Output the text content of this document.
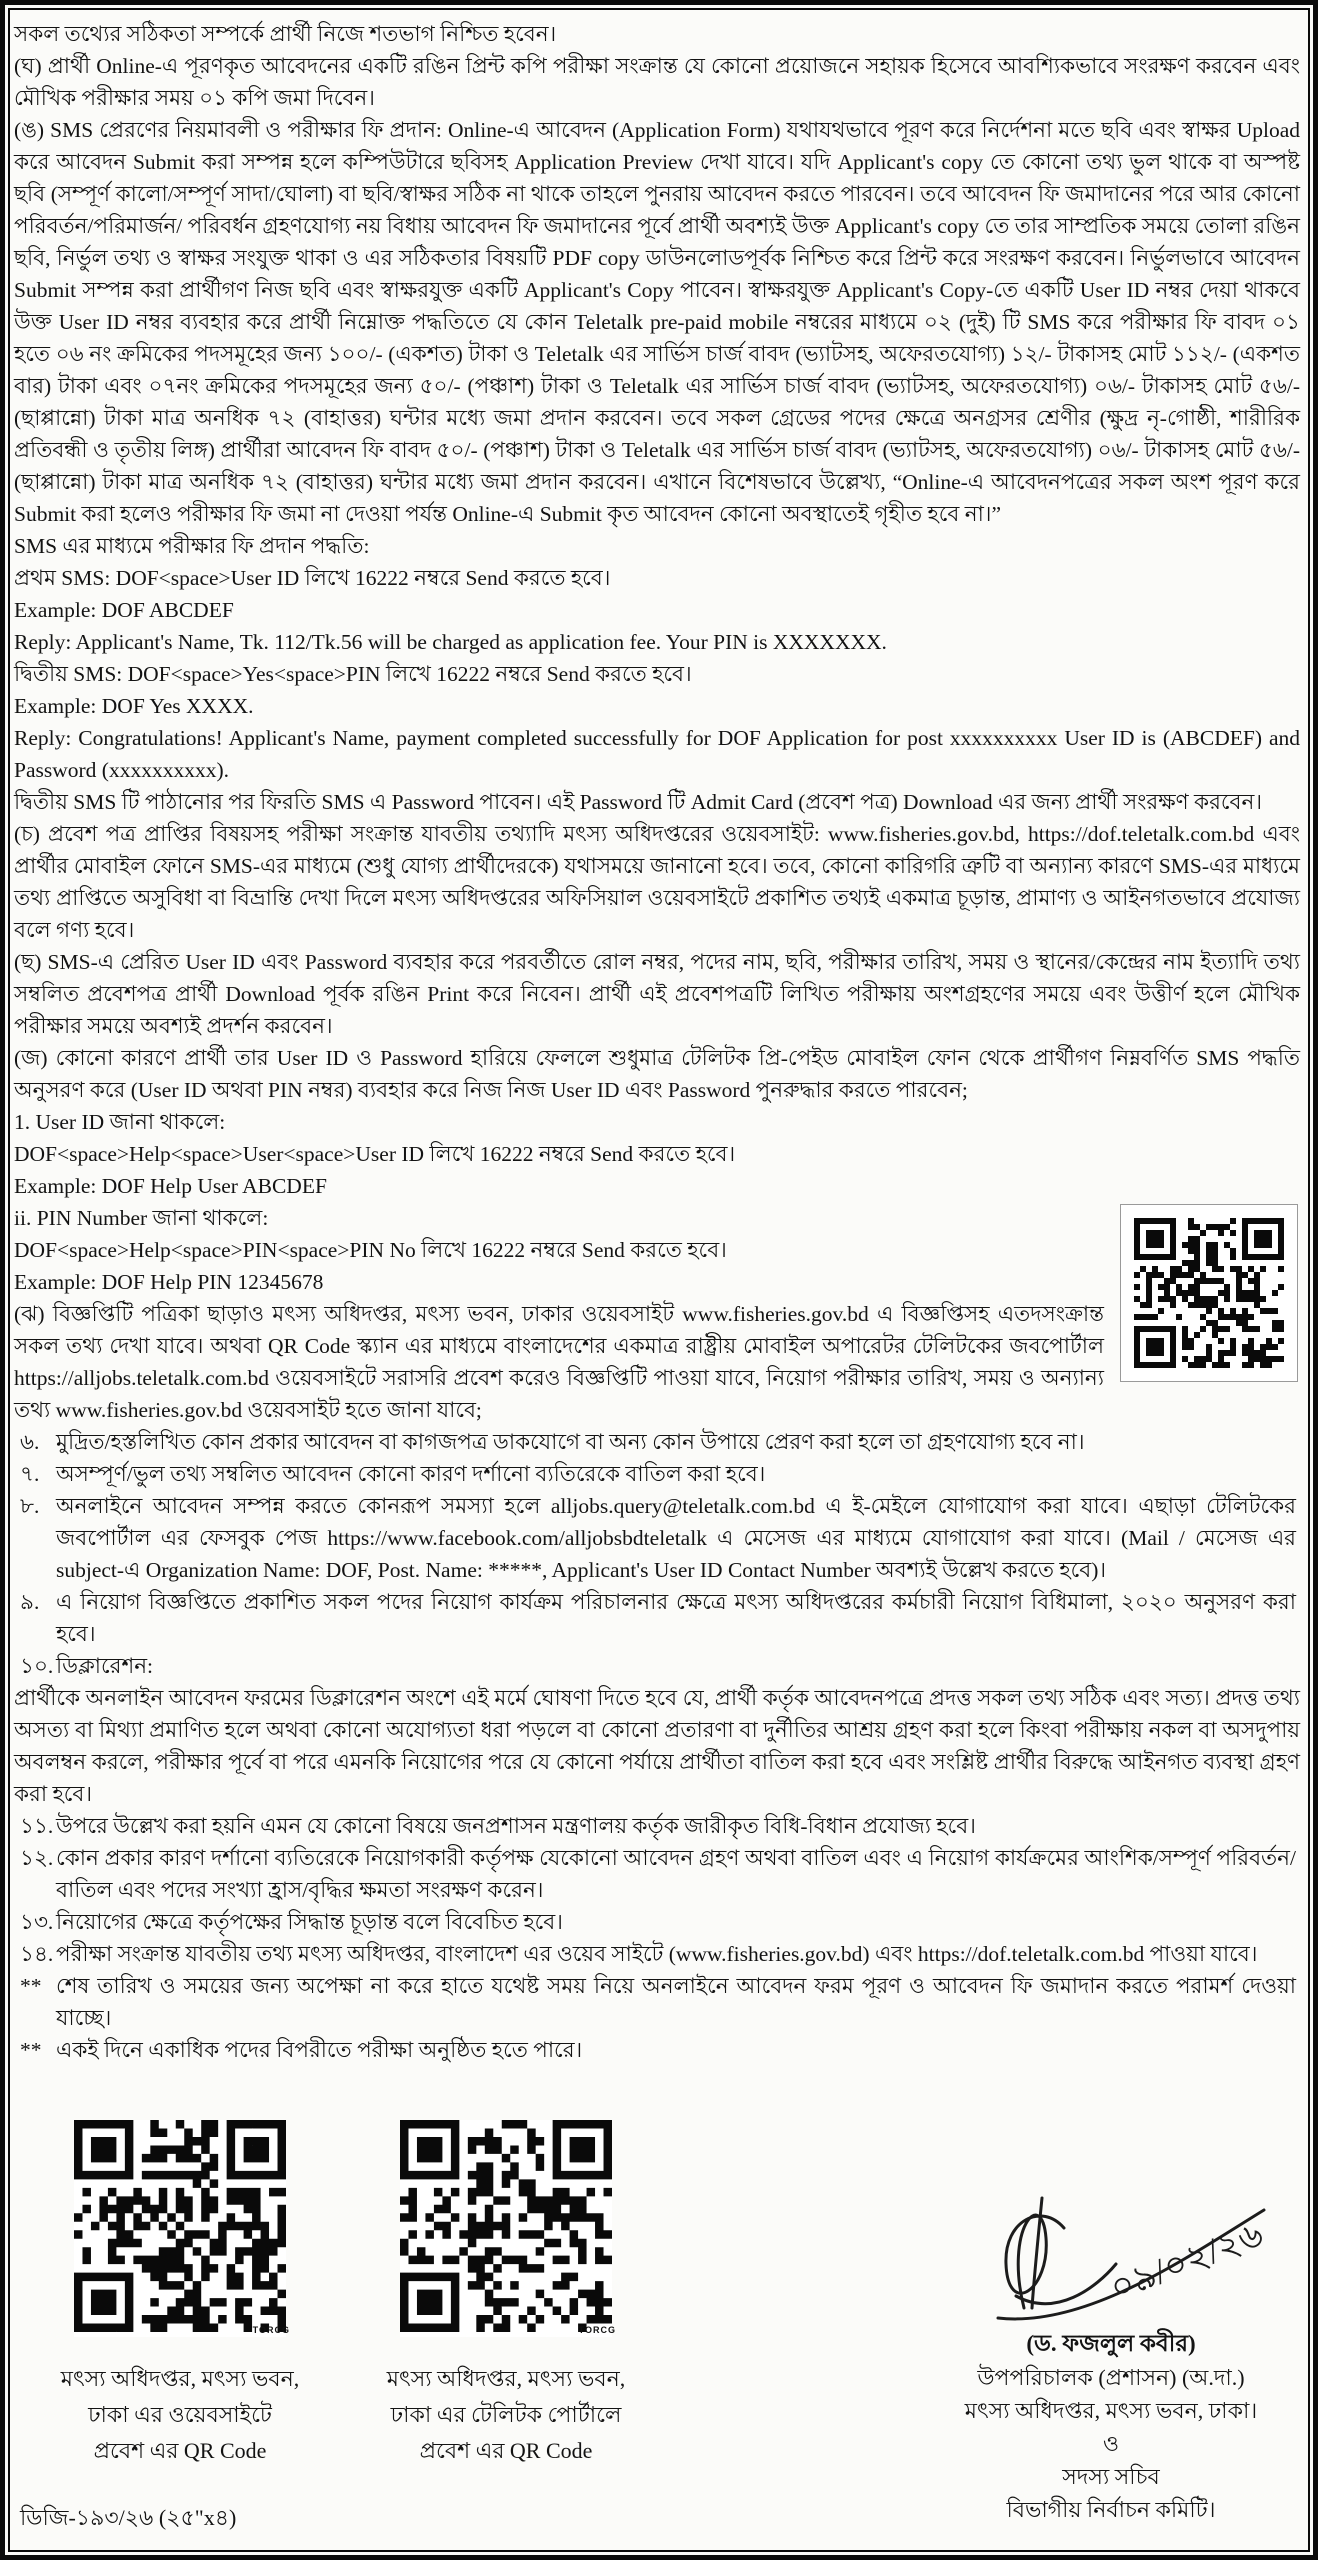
সকল তথ্যের সঠিকতা সম্পর্কে প্রার্থী নিজে শতভাগ নিশ্চিত হবেন।

(ঘ) প্রার্থী Online-এ পূরণকৃত আবেদনের একটি রঙিন প্রিন্ট কপি পরীক্ষা সংক্রান্ত যে কোনো প্রয়োজনে সহায়ক হিসেবে আবশ্যিকভাবে সংরক্ষণ করবেন এবং মৌখিক পরীক্ষার সময় ০১ কপি জমা দিবেন।

(ঙ) SMS প্রেরণের নিয়মাবলী ও পরীক্ষার ফি প্রদান: Online-এ আবেদন (Application Form) যথাযথভাবে পূরণ করে নির্দেশনা মতে ছবি এবং স্বাক্ষর Upload করে আবেদন Submit করা সম্পন্ন হলে কম্পিউটারে ছবিসহ Application Preview দেখা যাবে। যদি Applicant's copy তে কোনো তথ্য ভুল থাকে বা অস্পষ্ট ছবি (সম্পূর্ণ কালো/সম্পূর্ণ সাদা/ঘোলা) বা ছবি/স্বাক্ষর সঠিক না থাকে তাহলে পুনরায় আবেদন করতে পারবেন। তবে আবেদন ফি জমাদানের পরে আর কোনো পরিবর্তন/পরিমার্জন/ পরিবর্ধন গ্রহণযোগ্য নয় বিধায় আবেদন ফি জমাদানের পূর্বে প্রার্থী অবশ্যই উক্ত Applicant's copy তে তার সাম্প্রতিক সময়ে তোলা রঙিন ছবি, নির্ভুল তথ্য ও স্বাক্ষর সংযুক্ত থাকা ও এর সঠিকতার বিষয়টি PDF copy ডাউনলোডপূর্বক নিশ্চিত করে প্রিন্ট করে সংরক্ষণ করবেন। নির্ভুলভাবে আবেদন Submit সম্পন্ন করা প্রার্থীগণ নিজ ছবি এবং স্বাক্ষরযুক্ত একটি Applicant's Copy পাবেন। স্বাক্ষরযুক্ত Applicant's Copy-তে একটি User ID নম্বর দেয়া থাকবে উক্ত User ID নম্বর ব্যবহার করে প্রার্থী নিম্নোক্ত পদ্ধতিতে যে কোন Teletalk pre-paid mobile নম্বরের মাধ্যমে ০২ (দুই) টি SMS করে পরীক্ষার ফি বাবদ ০১ হতে ০৬ নং ক্রমিকের পদসমূহের জন্য ১০০/- (একশত) টাকা ও Teletalk এর সার্ভিস চার্জ বাবদ (ভ্যাটসহ, অফেরতযোগ্য) ১২/- টাকাসহ মোট ১১২/- (একশত বার) টাকা এবং ০৭নং ক্রমিকের পদসমূহের জন্য ৫০/- (পঞ্চাশ) টাকা ও Teletalk এর সার্ভিস চার্জ বাবদ (ভ্যাটসহ, অফেরতযোগ্য) ০৬/- টাকাসহ মোট ৫৬/- (ছাপ্পান্নো) টাকা মাত্র অনধিক ৭২ (বাহাত্তর) ঘন্টার মধ্যে জমা প্রদান করবেন। তবে সকল গ্রেডের পদের ক্ষেত্রে অনগ্রসর শ্রেণীর (ক্ষুদ্র নৃ-গোষ্ঠী, শারীরিক প্রতিবন্ধী ও তৃতীয় লিঙ্গ) প্রার্থীরা আবেদন ফি বাবদ ৫০/- (পঞ্চাশ) টাকা ও Teletalk এর সার্ভিস চার্জ বাবদ (ভ্যাটসহ, অফেরতযোগ্য) ০৬/- টাকাসহ মোট ৫৬/- (ছাপ্পান্নো) টাকা মাত্র অনধিক ৭২ (বাহাত্তর) ঘন্টার মধ্যে জমা প্রদান করবেন। এখানে বিশেষভাবে উল্লেখ্য, “Online-এ আবেদনপত্রের সকল অংশ পূরণ করে Submit করা হলেও পরীক্ষার ফি জমা না দেওয়া পর্যন্ত Online-এ Submit কৃত আবেদন কোনো অবস্থাতেই গৃহীত হবে না।”

SMS এর মাধ্যমে পরীক্ষার ফি প্রদান পদ্ধতি:

প্রথম SMS: DOF<space>User ID লিখে 16222 নম্বরে Send করতে হবে।

Example: DOF ABCDEF

Reply: Applicant's Name, Tk. 112/Tk.56 will be charged as application fee. Your PIN is XXXXXXX.

দ্বিতীয় SMS: DOF<space>Yes<space>PIN লিখে 16222 নম্বরে Send করতে হবে।

Example: DOF Yes XXXX.

Reply: Congratulations! Applicant's Name, payment completed successfully for DOF Application for post xxxxxxxxxx User ID is (ABCDEF) and Password (xxxxxxxxxx).

দ্বিতীয় SMS টি পাঠানোর পর ফিরতি SMS এ Password পাবেন। এই Password টি Admit Card (প্রবেশ পত্র) Download এর জন্য প্রার্থী সংরক্ষণ করবেন।

(চ) প্রবেশ পত্র প্রাপ্তির বিষয়সহ পরীক্ষা সংক্রান্ত যাবতীয় তথ্যাদি মৎস্য অধিদপ্তরের ওয়েবসাইট: www.fisheries.gov.bd, https://dof.teletalk.com.bd এবং প্রার্থীর মোবাইল ফোনে SMS-এর মাধ্যমে (শুধু যোগ্য প্রার্থীদেরকে) যথাসময়ে জানানো হবে। তবে, কোনো কারিগরি ত্রুটি বা অন্যান্য কারণে SMS-এর মাধ্যমে তথ্য প্রাপ্তিতে অসুবিধা বা বিভ্রান্তি দেখা দিলে মৎস্য অধিদপ্তরের অফিসিয়াল ওয়েবসাইটে প্রকাশিত তথ্যই একমাত্র চূড়ান্ত, প্রামাণ্য ও আইনগতভাবে প্রযোজ্য বলে গণ্য হবে।

(ছ) SMS-এ প্রেরিত User ID এবং Password ব্যবহার করে পরবর্তীতে রোল নম্বর, পদের নাম, ছবি, পরীক্ষার তারিখ, সময় ও স্থানের/কেন্দ্রের নাম ইত্যাদি তথ্য সম্বলিত প্রবেশপত্র প্রার্থী Download পূর্বক রঙিন Print করে নিবেন। প্রার্থী এই প্রবেশপত্রটি লিখিত পরীক্ষায় অংশগ্রহণের সময়ে এবং উত্তীর্ণ হলে মৌখিক পরীক্ষার সময়ে অবশ্যই প্রদর্শন করবেন।

(জ) কোনো কারণে প্রার্থী তার User ID ও Password হারিয়ে ফেললে শুধুমাত্র টেলিটক প্রি-পেইড মোবাইল ফোন থেকে প্রার্থীগণ নিম্নবর্ণিত SMS পদ্ধতি অনুসরণ করে (User ID অথবা PIN নম্বর) ব্যবহার করে নিজ নিজ User ID এবং Password পুনরুদ্ধার করতে পারবেন;

1. User ID জানা থাকলে:

DOF<space>Help<space>User<space>User ID লিখে 16222 নম্বরে Send করতে হবে।

Example: DOF Help User ABCDEF

ii. PIN Number জানা থাকলে:

DOF<space>Help<space>PIN<space>PIN No লিখে 16222 নম্বরে Send করতে হবে।

Example: DOF Help PIN 12345678

(ঝ) বিজ্ঞপ্তিটি পত্রিকা ছাড়াও মৎস্য অধিদপ্তর, মৎস্য ভবন, ঢাকার ওয়েবসাইট www.fisheries.gov.bd এ বিজ্ঞপ্তিসহ এতদসংক্রান্ত সকল তথ্য দেখা যাবে। অথবা QR Code স্ক্যান এর মাধ্যমে বাংলাদেশের একমাত্র রাষ্ট্রীয় মোবাইল অপারেটর টেলিটকের জবপোর্টাল https://alljobs.teletalk.com.bd ওয়েবসাইটে সরাসরি প্রবেশ করেও বিজ্ঞপ্তিটি পাওয়া যাবে, নিয়োগ পরীক্ষার তারিখ, সময় ও অন্যান্য তথ্য www.fisheries.gov.bd ওয়েবসাইট হতে জানা যাবে;

৬. মুদ্রিত/হস্তলিখিত কোন প্রকার আবেদন বা কাগজপত্র ডাকযোগে বা অন্য কোন উপায়ে প্রেরণ করা হলে তা গ্রহণযোগ্য হবে না।
৭. অসম্পূর্ণ/ভুল তথ্য সম্বলিত আবেদন কোনো কারণ দর্শানো ব্যতিরেকে বাতিল করা হবে।
৮. অনলাইনে আবেদন সম্পন্ন করতে কোনরূপ সমস্যা হলে alljobs.query@teletalk.com.bd এ ই-মেইলে যোগাযোগ করা যাবে। এছাড়া টেলিটকের জবপোর্টাল এর ফেসবুক পেজ https://www.facebook.com/alljobsbdteletalk এ মেসেজ এর মাধ্যমে যোগাযোগ করা যাবে। (Mail / মেসেজ এর subject-এ Organization Name: DOF, Post. Name: *****, Applicant's User ID Contact Number অবশ্যই উল্লেখ করতে হবে)।
৯. এ নিয়োগ বিজ্ঞপ্তিতে প্রকাশিত সকল পদের নিয়োগ কার্যক্রম পরিচালনার ক্ষেত্রে মৎস্য অধিদপ্তরের কর্মচারী নিয়োগ বিধিমালা, ২০২০ অনুসরণ করা হবে।
১০. ডিক্লারেশন:

প্রার্থীকে অনলাইন আবেদন ফরমের ডিক্লারেশন অংশে এই মর্মে ঘোষণা দিতে হবে যে, প্রার্থী কর্তৃক আবেদনপত্রে প্রদত্ত সকল তথ্য সঠিক এবং সত্য। প্রদত্ত তথ্য অসত্য বা মিথ্যা প্রমাণিত হলে অথবা কোনো অযোগ্যতা ধরা পড়লে বা কোনো প্রতারণা বা দুর্নীতির আশ্রয় গ্রহণ করা হলে কিংবা পরীক্ষায় নকল বা অসদুপায় অবলম্বন করলে, পরীক্ষার পূর্বে বা পরে এমনকি নিয়োগের পরে যে কোনো পর্যায়ে প্রার্থীতা বাতিল করা হবে এবং সংশ্লিষ্ট প্রার্থীর বিরুদ্ধে আইনগত ব্যবস্থা গ্রহণ করা হবে।

১১. উপরে উল্লেখ করা হয়নি এমন যে কোনো বিষয়ে জনপ্রশাসন মন্ত্রণালয় কর্তৃক জারীকৃত বিধি-বিধান প্রযোজ্য হবে।
১২. কোন প্রকার কারণ দর্শানো ব্যতিরেকে নিয়োগকারী কর্তৃপক্ষ যেকোনো আবেদন গ্রহণ অথবা বাতিল এবং এ নিয়োগ কার্যক্রমের আংশিক/সম্পূর্ণ পরিবর্তন/বাতিল এবং পদের সংখ্যা হ্রাস/বৃদ্ধির ক্ষমতা সংরক্ষণ করেন।
১৩. নিয়োগের ক্ষেত্রে কর্তৃপক্ষের সিদ্ধান্ত চূড়ান্ত বলে বিবেচিত হবে।
১৪. পরীক্ষা সংক্রান্ত যাবতীয় তথ্য মৎস্য অধিদপ্তর, বাংলাদেশ এর ওয়েব সাইটে (www.fisheries.gov.bd) এবং https://dof.teletalk.com.bd পাওয়া যাবে।
** শেষ তারিখ ও সময়ের জন্য অপেক্ষা না করে হাতে যথেষ্ট সময় নিয়ে অনলাইনে আবেদন ফরম পূরণ ও আবেদন ফি জমাদান করতে পরামর্শ দেওয়া যাচ্ছে।
** একই দিনে একাধিক পদের বিপরীতে পরীক্ষা অনুষ্ঠিত হতে পারে।
TORCG
মৎস্য অধিদপ্তর, মৎস্য ভবন,
ঢাকা এর ওয়েবসাইটে
প্রবেশ এর QR Code
TORCG
মৎস্য অধিদপ্তর, মৎস্য ভবন,
ঢাকা এর টেলিটক পোর্টালে
প্রবেশ এর QR Code
০৯/০২/২৬
(ড. ফজলুল কবীর)
উপপরিচালক (প্রশাসন) (অ.দা.)
মৎস্য অধিদপ্তর, মৎস্য ভবন, ঢাকা।
ও
সদস্য সচিব
বিভাগীয় নির্বাচন কমিটি।
ডিজি-১৯৩/২৬ (২৫"x৪)
